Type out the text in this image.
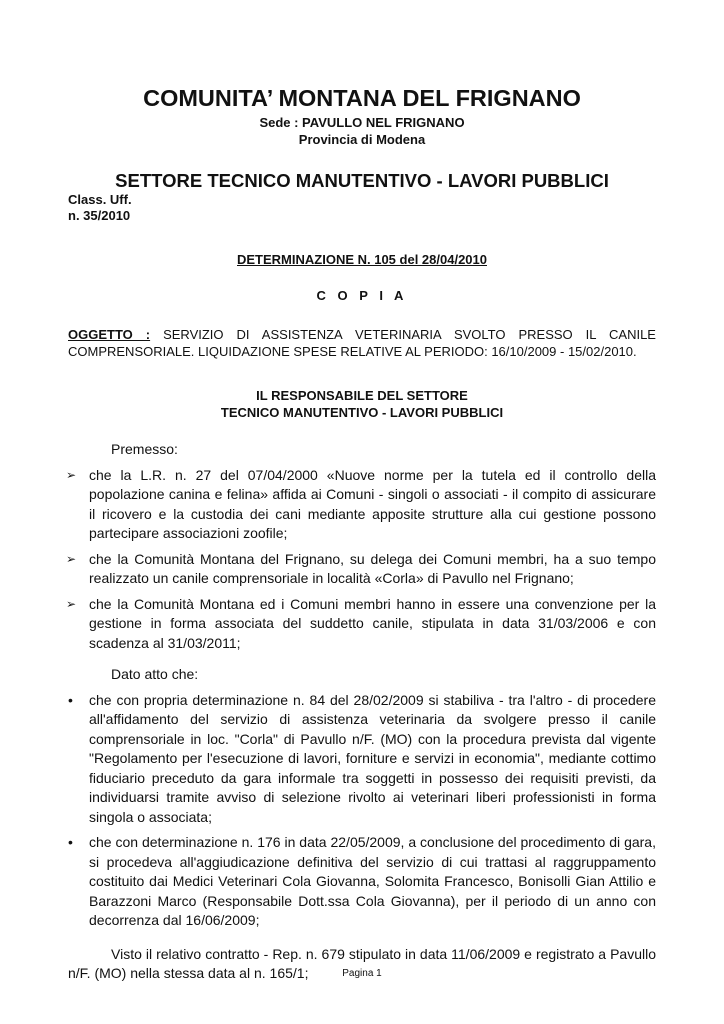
COMUNITA’ MONTANA DEL FRIGNANO
Sede : PAVULLO NEL FRIGNANO
Provincia di Modena
SETTORE TECNICO MANUTENTIVO - LAVORI PUBBLICI
Class. Uff.
n. 35/2010
DETERMINAZIONE N. 105 del 28/04/2010
C O P I A
OGGETTO : SERVIZIO DI ASSISTENZA VETERINARIA SVOLTO PRESSO IL CANILE COMPRENSORIALE. LIQUIDAZIONE SPESE RELATIVE AL PERIODO: 16/10/2009 - 15/02/2010.
IL RESPONSABILE DEL SETTORE
TECNICO MANUTENTIVO - LAVORI PUBBLICI
Premesso:
➢ che la L.R. n. 27 del 07/04/2000 «Nuove norme per la tutela ed il controllo della popolazione canina e felina» affida ai Comuni - singoli o associati - il compito di assicurare il ricovero e la custodia dei cani mediante apposite strutture alla cui gestione possono partecipare associazioni zoofile;
➢ che la Comunità Montana del Frignano, su delega dei Comuni membri, ha a suo tempo realizzato un canile comprensoriale in località «Corla» di Pavullo nel Frignano;
➢ che la Comunità Montana ed i Comuni membri hanno in essere una convenzione per la gestione in forma associata del suddetto canile, stipulata in data 31/03/2006 e con scadenza al 31/03/2011;
Dato atto che:
•	che con propria determinazione n. 84 del 28/02/2009 si stabiliva - tra l'altro - di procedere all'affidamento del servizio di assistenza veterinaria da svolgere presso il canile comprensoriale in loc. "Corla" di Pavullo n/F. (MO) con la procedura prevista dal vigente "Regolamento per l'esecuzione di lavori, forniture e servizi in economia", mediante cottimo fiduciario preceduto da gara informale tra soggetti in possesso dei requisiti previsti, da individuarsi tramite avviso di selezione rivolto ai veterinari liberi professionisti in forma singola o associata;
•	che con determinazione n. 176 in data 22/05/2009, a conclusione del procedimento di gara, si procedeva all'aggiudicazione definitiva del servizio di cui trattasi al raggruppamento costituito dai Medici Veterinari Cola Giovanna, Solomita Francesco, Bonisolli Gian Attilio e Barazzoni Marco (Responsabile Dott.ssa Cola Giovanna), per il periodo di un anno con decorrenza dal 16/06/2009;
Visto il relativo contratto - Rep. n. 679 stipulato in data 11/06/2009 e registrato a Pavullo n/F. (MO) nella stessa data al n. 165/1;	Pagina 1
